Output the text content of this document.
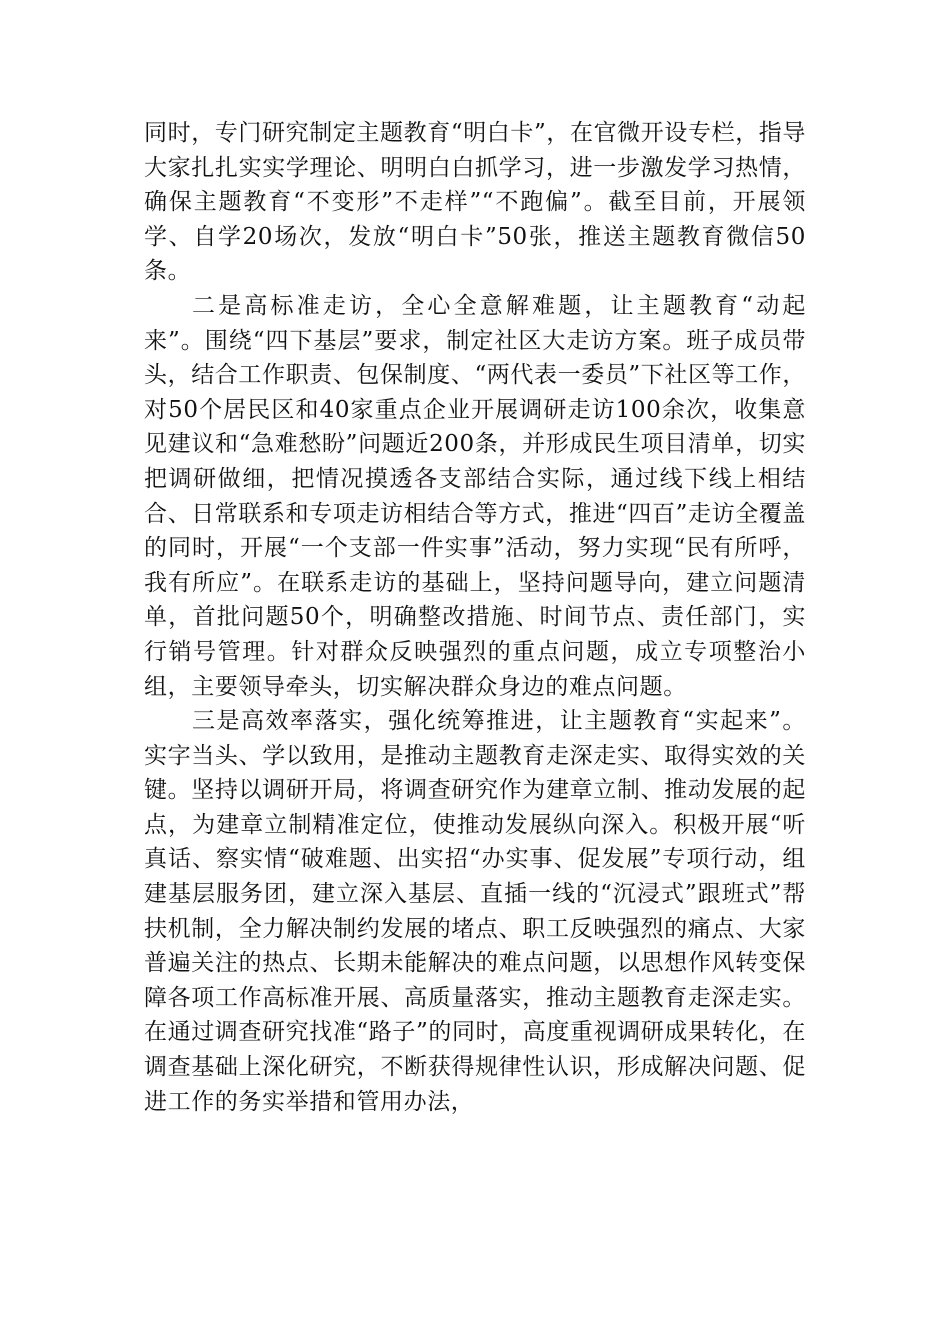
同时，专门研究制定主题教育“明白卡”，在官微开设专栏，指导大家扎扎实实学理论、明明白白抓学习，进一步激发学习热情，确保主题教育“不变形”不走样”“不跑偏”。截至目前，开展领学、自学20场次，发放“明白卡”50张，推送主题教育微信50条。

二是高标准走访，全心全意解难题，让主题教育“动起来”。围绕“四下基层”要求，制定社区大走访方案。班子成员带头，结合工作职责、包保制度、“两代表一委员”下社区等工作，对50个居民区和40家重点企业开展调研走访100余次，收集意见建议和“急难愁盼”问题近200条，并形成民生项目清单，切实把调研做细，把情况摸透各支部结合实际，通过线下线上相结合、日常联系和专项走访相结合等方式，推进“四百”走访全覆盖的同时，开展“一个支部一件实事”活动，努力实现“民有所呼，我有所应”。在联系走访的基础上，坚持问题导向，建立问题清单，首批问题50个，明确整改措施、时间节点、责任部门，实行销号管理。针对群众反映强烈的重点问题，成立专项整治小组，主要领导牵头，切实解决群众身边的难点问题。

三是高效率落实，强化统筹推进，让主题教育“实起来”。实字当头、学以致用，是推动主题教育走深走实、取得实效的关键。坚持以调研开局，将调查研究作为建章立制、推动发展的起点，为建章立制精准定位，使推动发展纵向深入。积极开展“听真话、察实情“破难题、出实招“办实事、促发展”专项行动，组建基层服务团，建立深入基层、直插一线的“沉浸式”跟班式”帮扶机制，全力解决制约发展的堵点、职工反映强烈的痛点、大家普遍关注的热点、长期未能解决的难点问题，以思想作风转变保障各项工作高标准开展、高质量落实，推动主题教育走深走实。在通过调查研究找准“路子”的同时，高度重视调研成果转化，在调查基础上深化研究，不断获得规律性认识，形成解决问题、促进工作的务实举措和管用办法，
